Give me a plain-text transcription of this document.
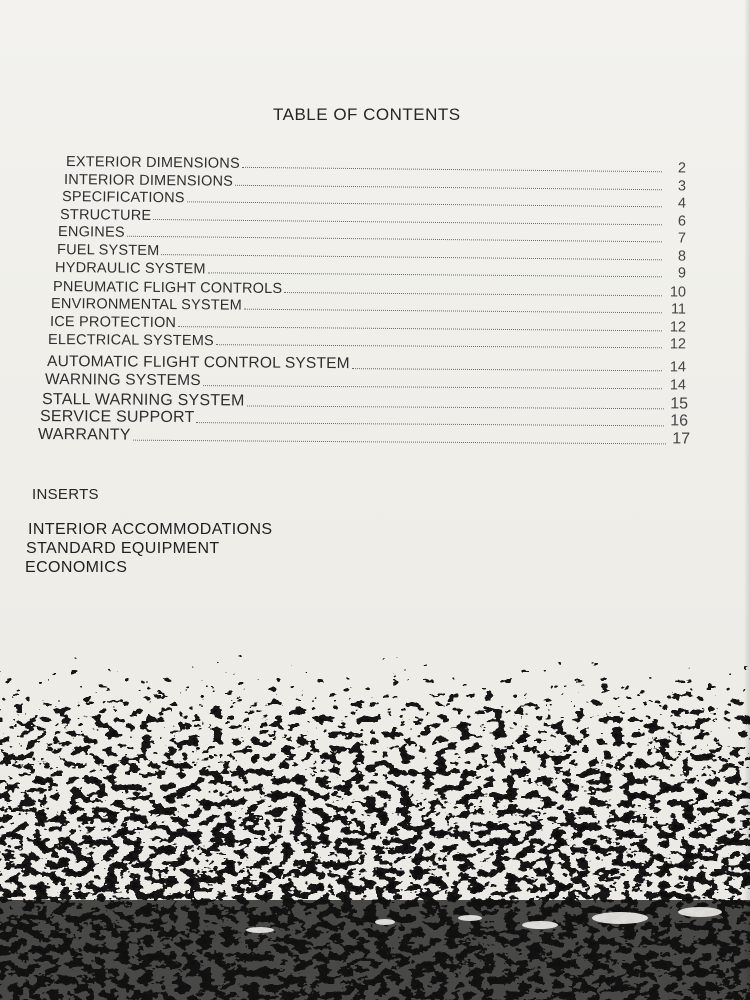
TABLE OF CONTENTS
EXTERIOR DIMENSIONS	2
INTERIOR DIMENSIONS	3
SPECIFICATIONS	4
STRUCTURE	6
ENGINES	7
FUEL SYSTEM	8
HYDRAULIC SYSTEM	9
PNEUMATIC FLIGHT CONTROLS	10
ENVIRONMENTAL SYSTEM	11
ICE PROTECTION	12
ELECTRICAL SYSTEMS	12
AUTOMATIC FLIGHT CONTROL SYSTEM	14
WARNING SYSTEMS	14
STALL WARNING SYSTEM	15
SERVICE SUPPORT	16
WARRANTY	17
INSERTS
INTERIOR ACCOMMODATIONS
STANDARD EQUIPMENT
ECONOMICS
